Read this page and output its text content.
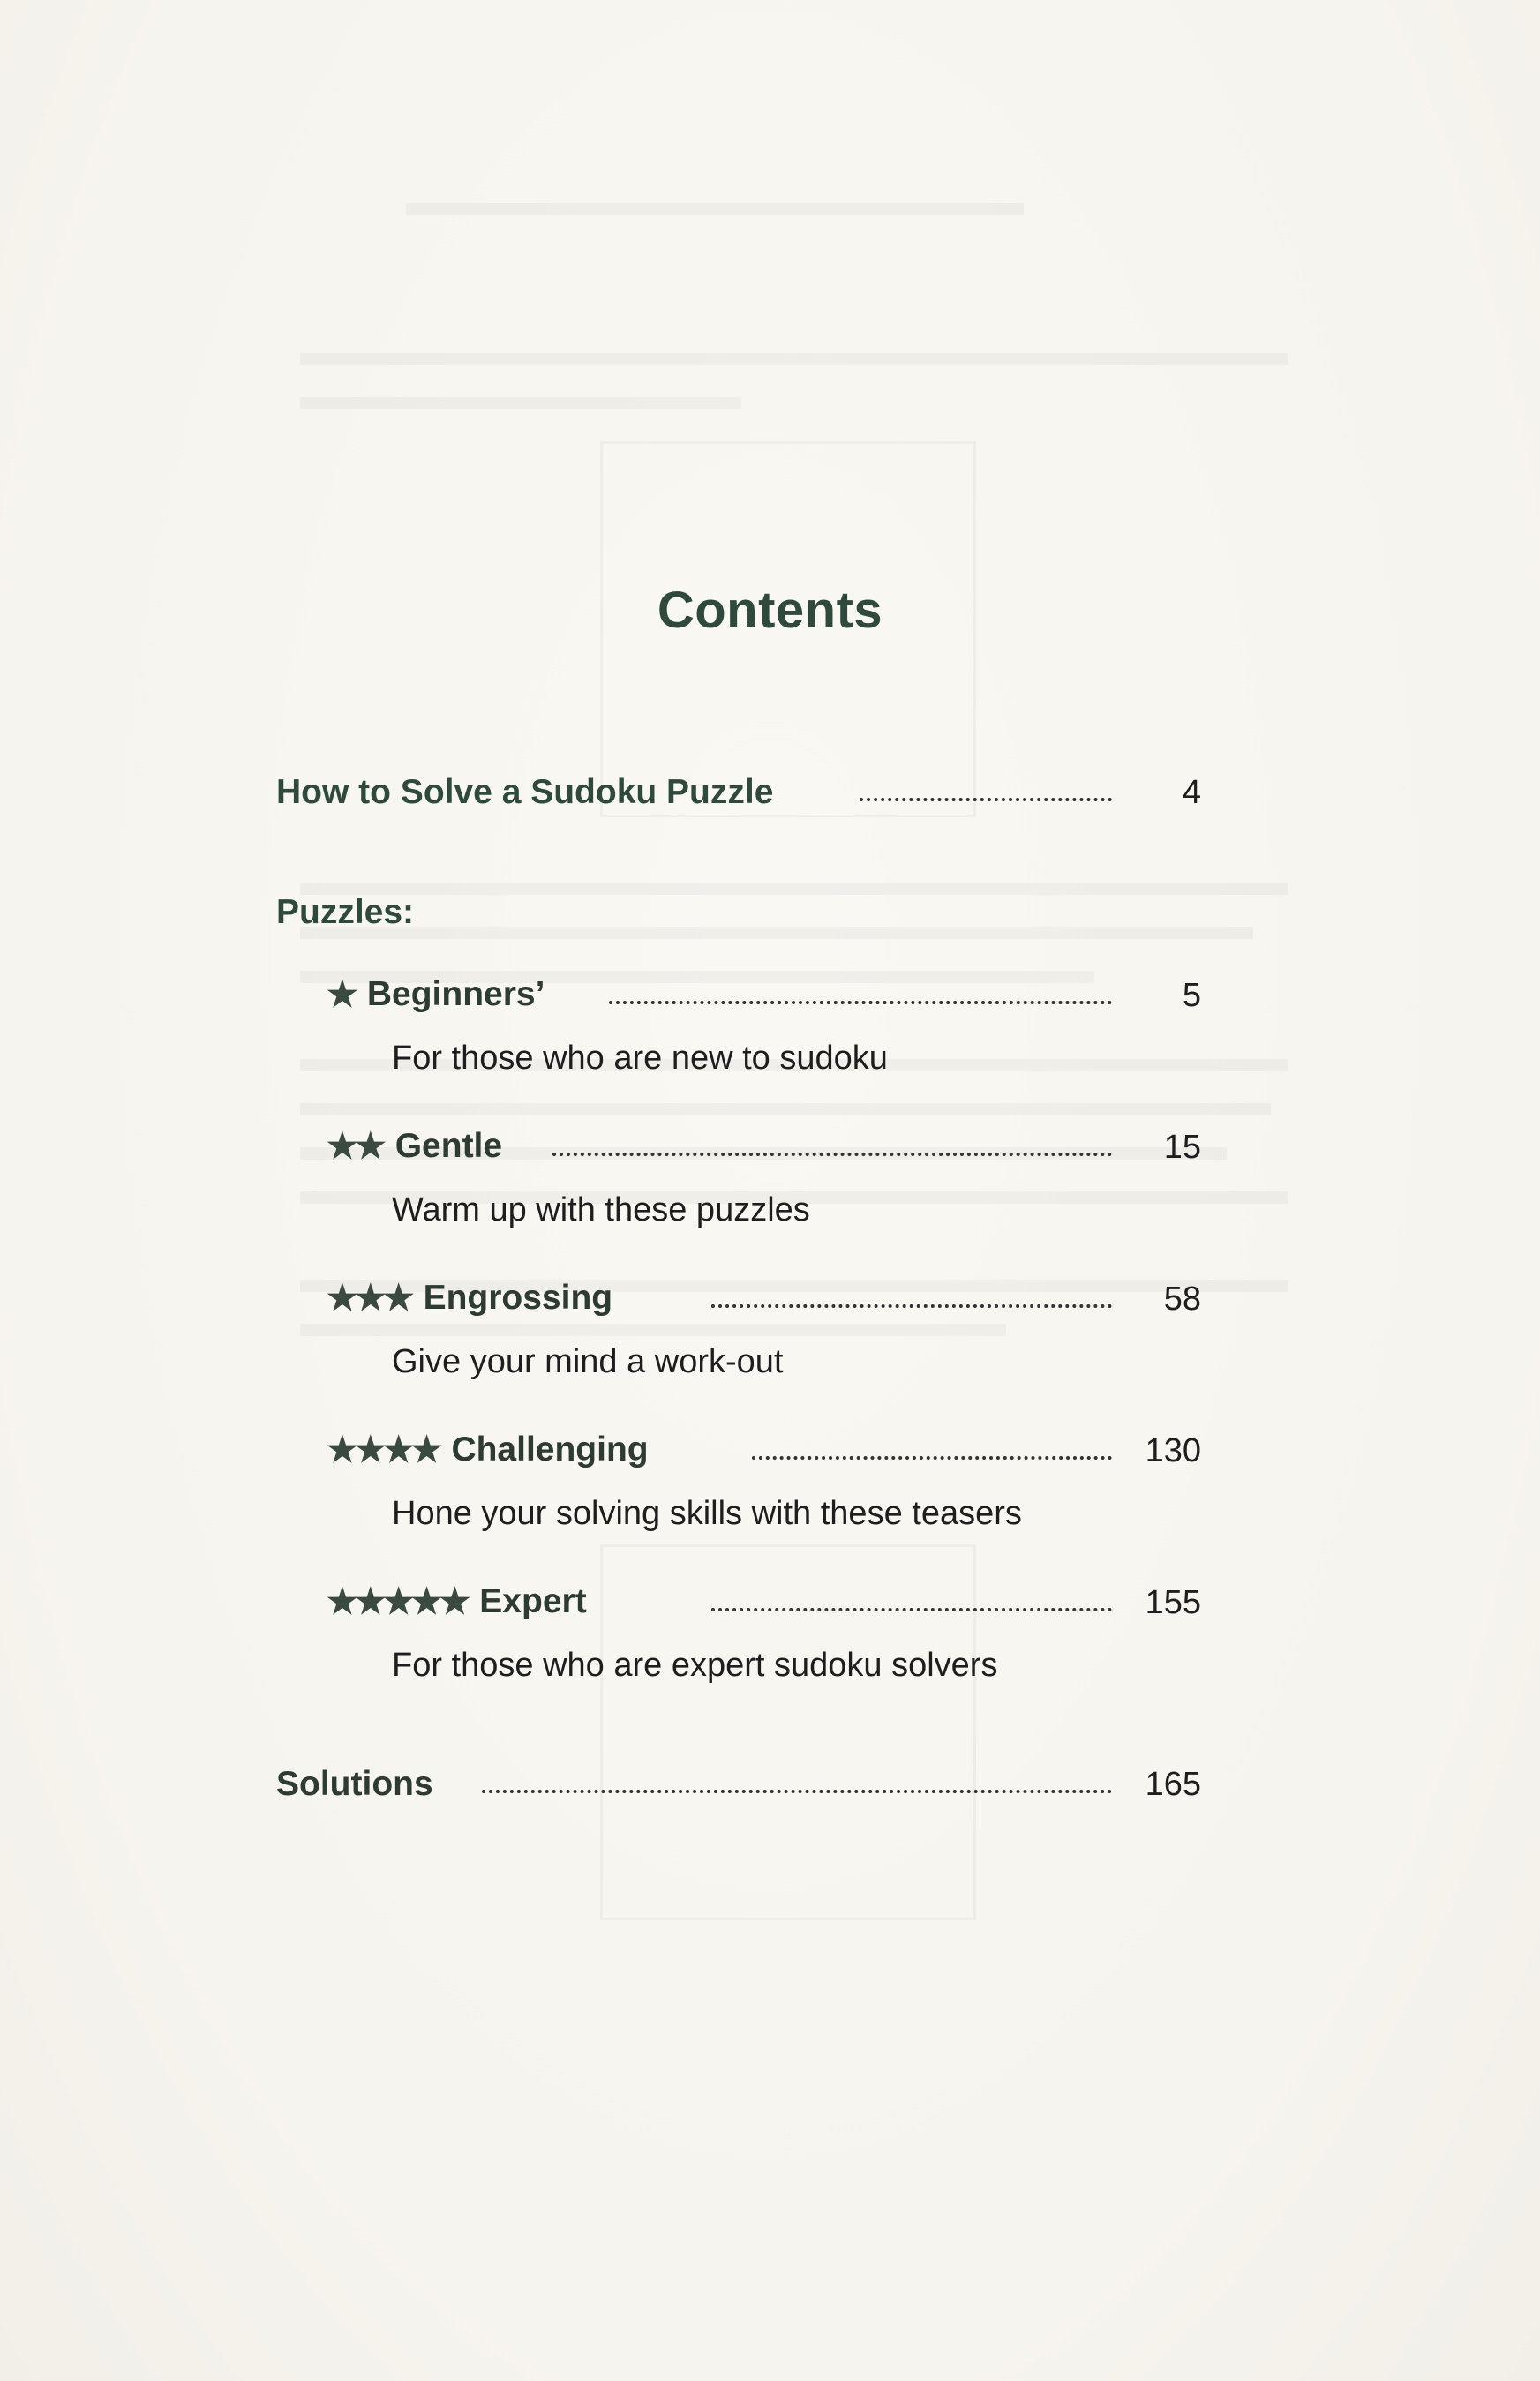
Contents
How to Solve a Sudoku Puzzle	4
Puzzles:
★ Beginners’	5
For those who are new to sudoku
★★ Gentle	15
Warm up with these puzzles
★★★ Engrossing	58
Give your mind a work-out
★★★★ Challenging	130
Hone your solving skills with these teasers
★★★★★ Expert	155
For those who are expert sudoku solvers
Solutions	165
